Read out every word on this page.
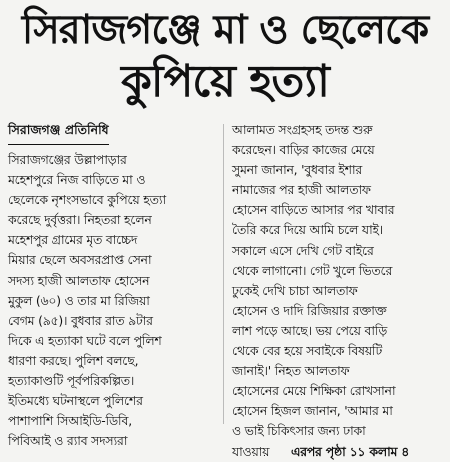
সিরাজগঞ্জে মা ও ছেলেকে
কুপিয়ে হত্যা
সিরাজগঞ্জ প্রতিনিধি
সিরাজগঞ্জের উল্লাপাড়ার
মহেশপুরে নিজ বাড়িতে মা ও
ছেলেকে নৃশংসভাবে কুপিয়ে হত্যা
করেছে দুর্বৃত্তরা। নিহতরা হলেন
মহেশপুর গ্রামের মৃত বাচ্চেদ
মিয়ার ছেলে অবসরপ্রাপ্ত সেনা
সদস্য হাজী আলতাফ হোসেন
মুকুল (৬০) ও তার মা রিজিয়া
বেগম (৯৫)। বুধবার রাত ৯টার
দিকে এ হত্যাকা ঘটে বলে পুলিশ
ধারণা করছে। পুলিশ বলছে,
হত্যাকাণ্ডটি পূর্বপরিকল্পিত।
ইতিমধ্যে ঘটনাস্থলে পুলিশের
পাশাপাশি সিআইডি-ডিবি,
পিবিআই ও র‍্যাব সদস্যরা
আলামত সংগ্রহসহ তদন্ত শুরু
করেছেন। বাড়ির কাজের মেয়ে
সুমনা জানান, 'বুধবার ইশার
নামাজের পর হাজী আলতাফ
হোসেন বাড়িতে আসার পর খাবার
তৈরি করে দিয়ে আমি চলে যাই।
সকালে এসে দেখি গেট বাইরে
থেকে লাগানো। গেট খুলে ভিতরে
ঢুকেই দেখি চাচা আলতাফ
হোসেন ও দাদি রিজিয়ার রক্তাক্ত
লাশ পড়ে আছে। ভয় পেয়ে বাড়ি
থেকে বের হয়ে সবাইকে বিষয়টি
জানাই।' নিহত আলতাফ
হোসেনের মেয়ে শিক্ষিকা রোখসানা
হোসেন হিজল জানান, 'আমার মা
ও ভাই চিকিৎসার জন্য ঢাকা
যাওয়ায় এরপর পৃষ্ঠা ১১ কলাম ৪
